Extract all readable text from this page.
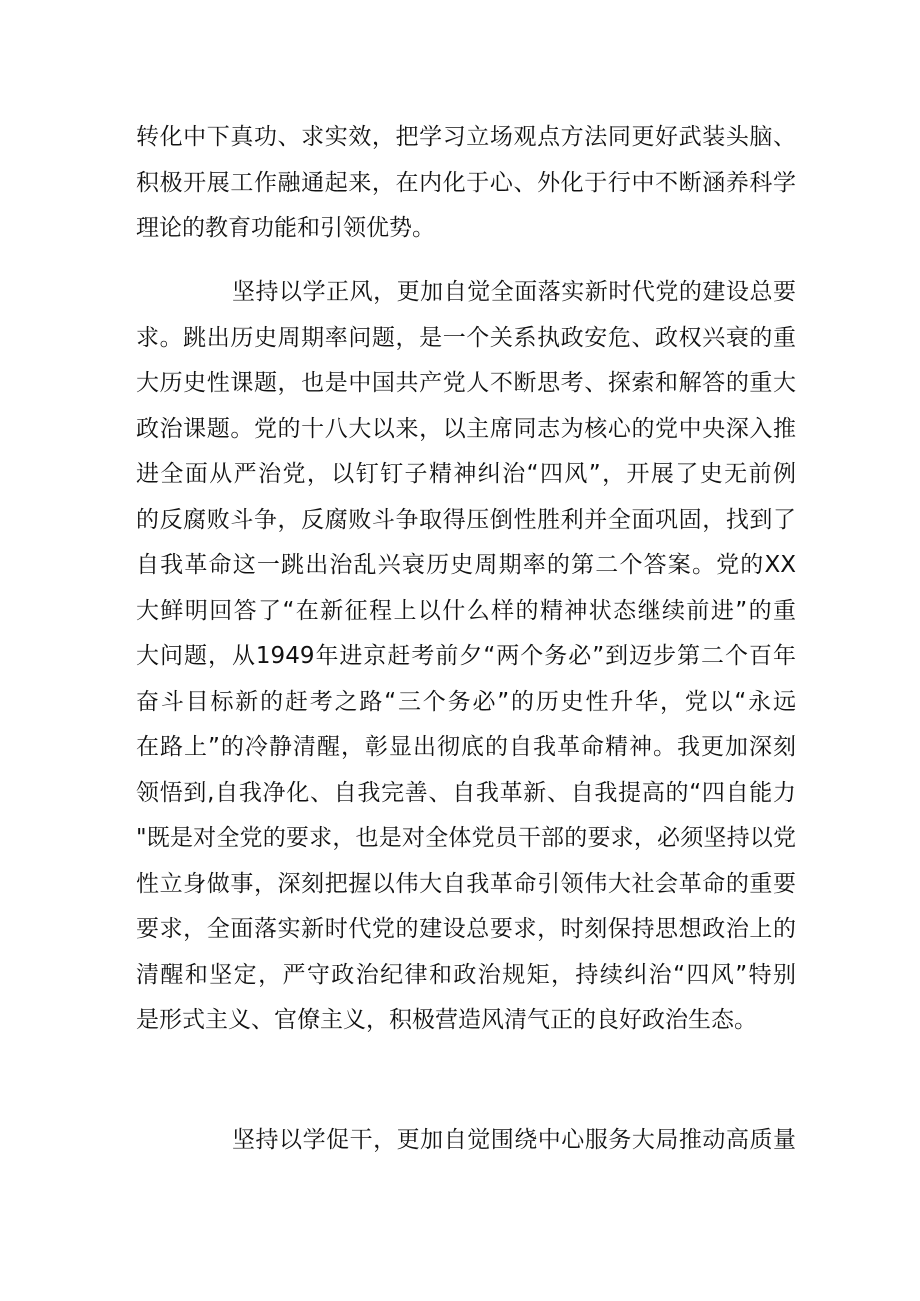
转化中下真功、求实效，把学习立场观点方法同更好武装头脑、
积极开展工作融通起来，在内化于心、外化于行中不断涵养科学
理论的教育功能和引领优势。
坚持以学正风，更加自觉全面落实新时代党的建设总要
求。跳出历史周期率问题，是一个关系执政安危、政权兴衰的重
大历史性课题，也是中国共产党人不断思考、探索和解答的重大
政治课题。党的十八大以来，以主席同志为核心的党中央深入推
进全面从严治党，以钉钉子精神纠治“四风”，开展了史无前例
的反腐败斗争，反腐败斗争取得压倒性胜利并全面巩固，找到了
自我革命这一跳出治乱兴衰历史周期率的第二个答案。党的XX
大鲜明回答了“在新征程上以什么样的精神状态继续前进”的重
大问题，从1949年进京赶考前夕“两个务必”到迈步第二个百年
奋斗目标新的赶考之路“三个务必”的历史性升华，党以“永远
在路上”的冷静清醒，彰显出彻底的自我革命精神。我更加深刻
领悟到,自我净化、自我完善、自我革新、自我提高的“四自能力
"既是对全党的要求，也是对全体党员干部的要求，必须坚持以党
性立身做事，深刻把握以伟大自我革命引领伟大社会革命的重要
要求，全面落实新时代党的建设总要求，时刻保持思想政治上的
清醒和坚定，严守政治纪律和政治规矩，持续纠治“四风”特别
是形式主义、官僚主义，积极营造风清气正的良好政治生态。
坚持以学促干，更加自觉围绕中心服务大局推动高质量
